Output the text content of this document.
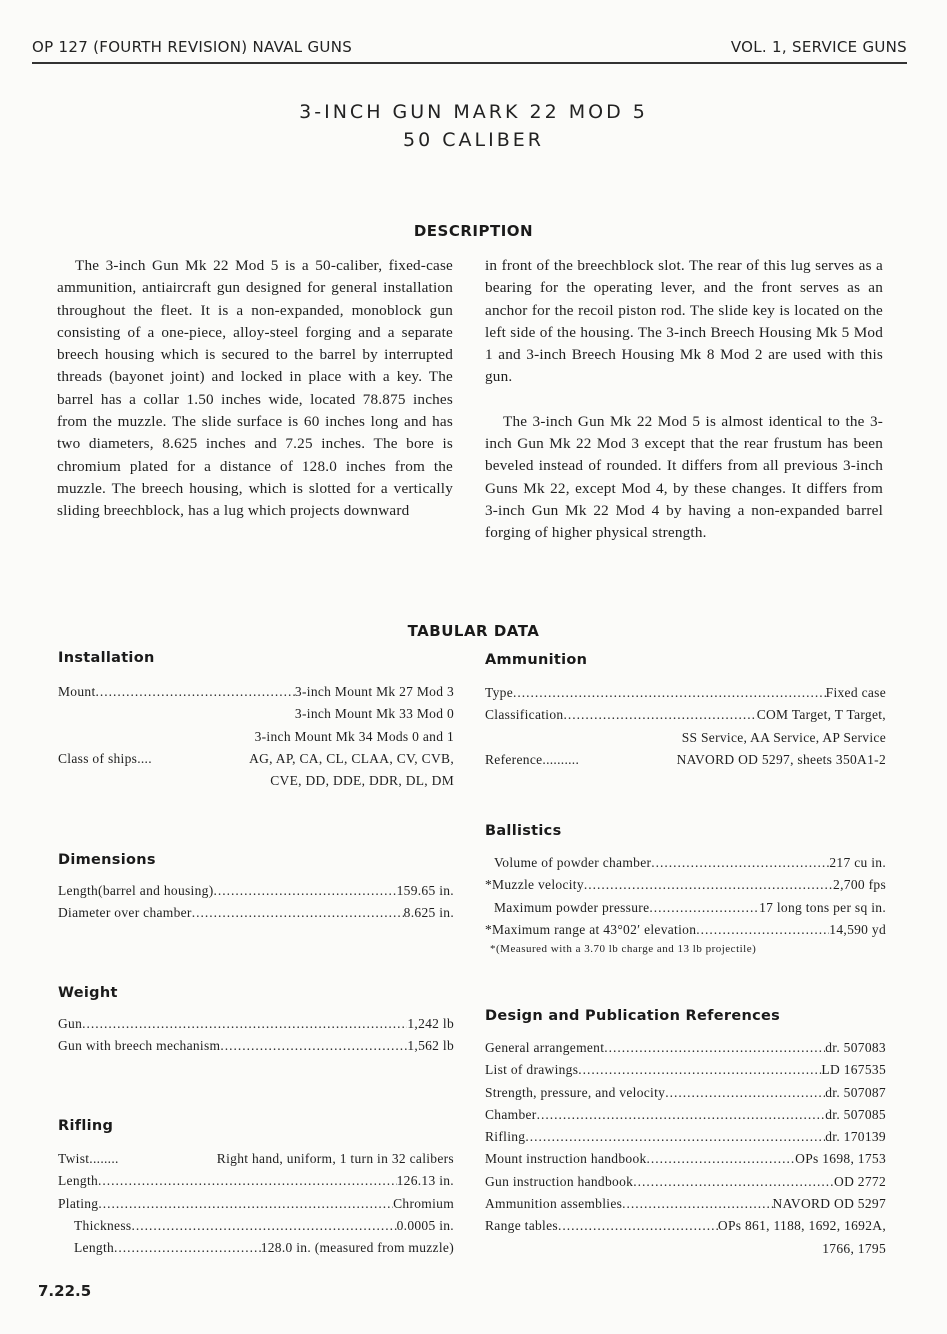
OP 127 (FOURTH REVISION) NAVAL GUNS	VOL. 1, SERVICE GUNS
3-INCH GUN MARK 22 MOD 5
50 CALIBER
DESCRIPTION

The 3-inch Gun Mk 22 Mod 5 is a 50-caliber, fixed-case ammunition, antiaircraft gun designed for general installation throughout the fleet. It is a non-expanded, monoblock gun consisting of a one-piece, alloy-steel forging and a separate breech housing which is secured to the barrel by interrupted threads (bayonet joint) and locked in place with a key. The barrel has a collar 1.50 inches wide, located 78.875 inches from the muzzle. The slide surface is 60 inches long and has two diameters, 8.625 inches and 7.25 inches. The bore is chromium plated for a distance of 128.0 inches from the muzzle. The breech housing, which is slotted for a vertically sliding breechblock, has a lug which projects downward

in front of the breechblock slot. The rear of this lug serves as a bearing for the operating lever, and the front serves as an anchor for the recoil piston rod. The slide key is located on the left side of the housing. The 3-inch Breech Housing Mk 5 Mod 1 and 3-inch Breech Housing Mk 8 Mod 2 are used with this gun.

The 3-inch Gun Mk 22 Mod 5 is almost identical to the 3-inch Gun Mk 22 Mod 3 except that the rear frustum has been beveled instead of rounded. It differs from all previous 3-inch Guns Mk 22, except Mod 4, by these changes. It differs from 3-inch Gun Mk 22 Mod 4 by having a non-expanded barrel forging of higher physical strength.

TABULAR DATA
Installation
Mount .....	3-inch Mount Mk 27 Mod 3
3-inch Mount Mk 33 Mod 0
3-inch Mount Mk 34 Mods 0 and 1
Class of ships....	AG, AP, CA, CL, CLAA, CV, CVB,
CVE, DD, DDE, DDR, DL, DM
Dimensions
Length(barrel and housing) .....	159.65 in.
Diameter over chamber .....	8.625 in.
Weight
Gun .....	1,242 lb
Gun with breech mechanism .....	1,562 lb
Rifling
Twist........	Right hand, uniform, 1 turn in 32 calibers
Length .....	126.13 in.
Plating .....	Chromium
Thickness .....	0.0005 in.
Length .....	128.0 in. (measured from muzzle)
Ammunition
Type .....	Fixed case
Classification .....	COM Target, T Target,
SS Service, AA Service, AP Service
Reference..........	NAVORD OD 5297, sheets 350A1-2
Ballistics
Volume of powder chamber .....	217 cu in.
*Muzzle velocity .....	2,700 fps
Maximum powder pressure .....	17 long tons per sq in.
*Maximum range at 43°02′ elevation .....	14,590 yd
*(Measured with a 3.70 lb charge and 13 lb projectile)
Design and Publication References
General arrangement .....	dr. 507083
List of drawings .....	LD 167535
Strength, pressure, and velocity .....	dr. 507087
Chamber .....	dr. 507085
Rifling .....	dr. 170139
Mount instruction handbook .....	OPs 1698, 1753
Gun instruction handbook .....	OD 2772
Ammunition assemblies .....	NAVORD OD 5297
Range tables .....	OPs 861, 1188, 1692, 1692A,
1766, 1795
7.22.5
